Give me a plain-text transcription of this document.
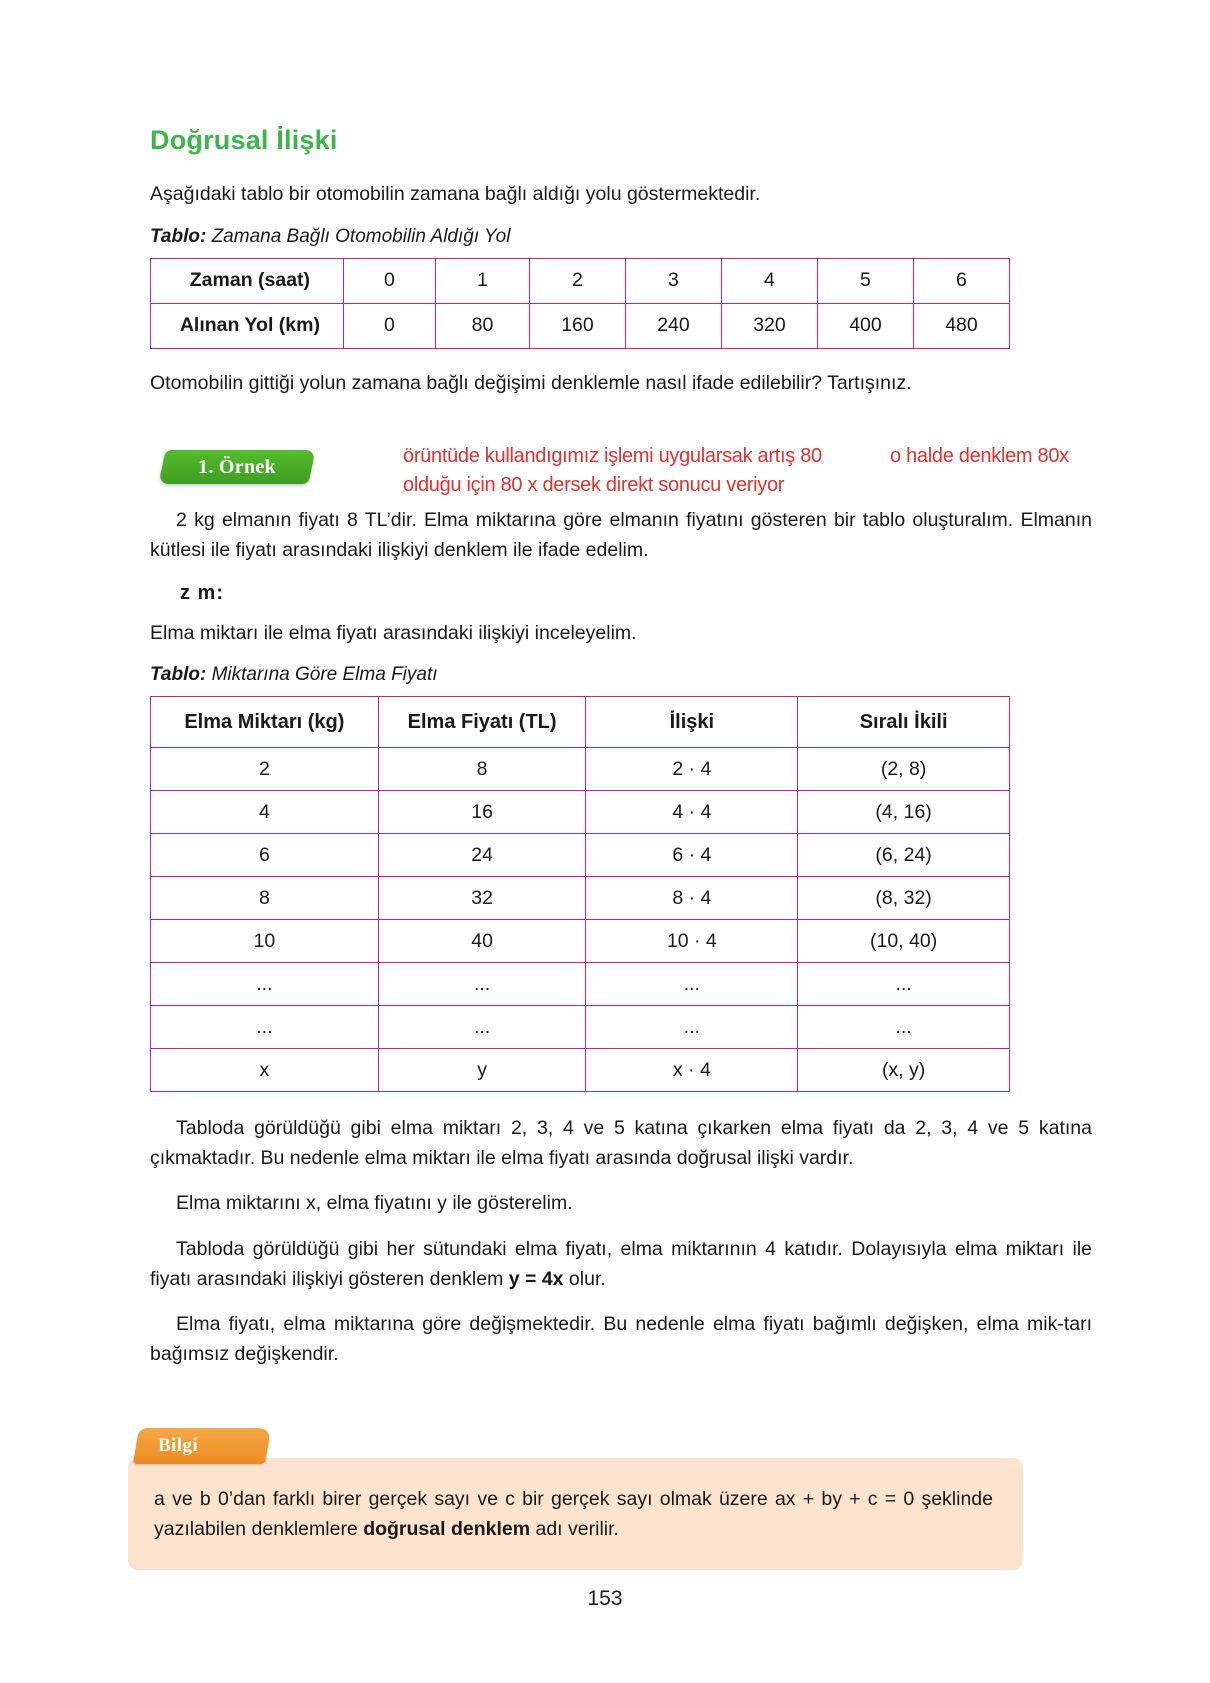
Doğrusal İlişki

Aşağıdaki tablo bir otomobilin zamana bağlı aldığı yolu göstermektedir.

Tablo: Zamana Bağlı Otomobilin Aldığı Yol

Zaman (saat)	0	1	2	3	4	5	6
Alınan Yol (km)	0	80	160	240	320	400	480

Otomobilin gittiği yolun zamana bağlı değişimi denklemle nasıl ifade edilebilir? Tartışınız.

1. Örnek	örüntüde kullandıgımız işlemi uygularsak artış 80
olduğu için 80 x dersek direkt sonucu veriyor
o halde denklem 80x

2 kg elmanın fiyatı 8 TL’dir. Elma miktarına göre elmanın fiyatını gösteren bir tablo oluşturalım. Elmanın kütlesi ile fiyatı arasındaki ilişkiyi denklem ile ifade edelim.

z m:

Elma miktarı ile elma fiyatı arasındaki ilişkiyi inceleyelim.

Tablo: Miktarına Göre Elma Fiyatı

Elma Miktarı (kg)	Elma Fiyatı (TL)	İlişki	Sıralı İkili
2	8	2 · 4	(2, 8)
4	16	4 · 4	(4, 16)
6	24	6 · 4	(6, 24)
8	32	8 · 4	(8, 32)
10	40	10 · 4	(10, 40)
...	...	...	...
...	...	...	...
x	y	x · 4	(x, y)

Tabloda görüldüğü gibi elma miktarı 2, 3, 4 ve 5 katına çıkarken elma fiyatı da 2, 3, 4 ve 5 katına çıkmaktadır. Bu nedenle elma miktarı ile elma fiyatı arasında doğrusal ilişki vardır.

Elma miktarını x, elma fiyatını y ile gösterelim.

Tabloda görüldüğü gibi her sütundaki elma fiyatı, elma miktarının 4 katıdır. Dolayısıyla elma miktarı ile fiyatı arasındaki ilişkiyi gösteren denklem y = 4x olur.

Elma fiyatı, elma miktarına göre değişmektedir. Bu nedenle elma fiyatı bağımlı değişken, elma mik-tarı bağımsız değişkendir.

Bilgi
a ve b 0’dan farklı birer gerçek sayı ve c bir gerçek sayı olmak üzere ax + by + c = 0 şeklinde yazılabilen denklemlere doğrusal denklem adı verilir.
153
